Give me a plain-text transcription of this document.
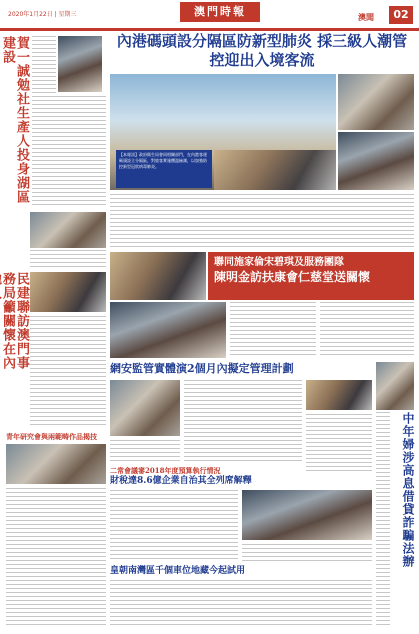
2020年1月22日 | 星期三	澳門時報	澳聞	02
賀一誠勉社生產人投身湖區建設
民建聯訪澳門事務局籲關懷在內
青年研究會與兩範畴作品揭技
內港碼頭設分隔區防新型肺炎 採三級人潮管控迎出入境客流
【本報訊】政府衛生局會同相關部門，在內港客運碼頭設立分隔區，對旅客實施體溫檢測，以加強防控新型冠狀病毒肺炎。
聯同施家倫宋碧琪及服務團隊
陳明金訪扶康會仁慈堂送關懷
網安監管實體演2個月內擬定管理計劃
二常會議審2018年度預算執行情況
財稅達8.6億企業自治其全列席解釋
皇朝南灣區千個車位地藏今起試用
中年婦涉高息借貸詐騙法辦
